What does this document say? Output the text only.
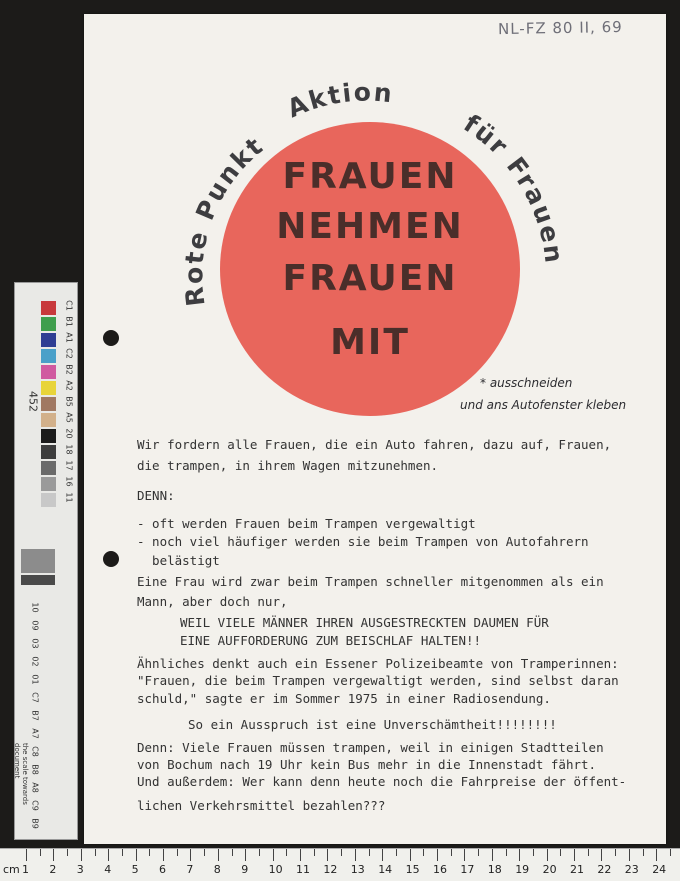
NL-FZ 80 II, 69
Rote Punkt
Aktion
für Frauen
FRAUEN
NEHMEN
FRAUEN
MIT
* ausschneiden
und ans Autofenster kleben
Wir fordern alle Frauen, die ein Auto fahren, dazu auf, Frauen,
die trampen, in ihrem Wagen mitzunehmen.
DENN:
- oft werden Frauen beim Trampen vergewaltigt
- noch viel häufiger werden sie beim Trampen von Autofahrern
belästigt
Eine Frau wird zwar beim Trampen schneller mitgenommen als ein
Mann, aber doch nur,
WEIL VIELE MÄNNER IHREN AUSGESTRECKTEN DAUMEN FÜR
EINE AUFFORDERUNG ZUM BEISCHLAF HALTEN!!
Ähnliches denkt auch ein Essener Polizeibeamte von Tramperinnen:
"Frauen, die beim Trampen vergewaltigt werden, sind selbst daran
schuld," sagte er im Sommer 1975 in einer Radiosendung.
So ein Ausspruch ist eine Unverschämtheit!!!!!!!!
Denn: Viele Frauen müssen trampen, weil in einigen Stadtteilen
von Bochum nach 19 Uhr kein Bus mehr in die Innenstadt fährt.
Und außerdem: Wer kann denn heute noch die Fahrpreise der öffent-
lichen Verkehrsmittel bezahlen???
C1
B1
A1
C2
B2
A2
B5
A5
20
18
17
16
11
10
09
03
02
01
C7
B7
A7
C8
B8
A8
C9
B9
452
the scale towards document
cm 1 2 3 4 5 6 7 8 9 10 11 12 13 14 15 16 17 18 19 20 21 22 23 24
